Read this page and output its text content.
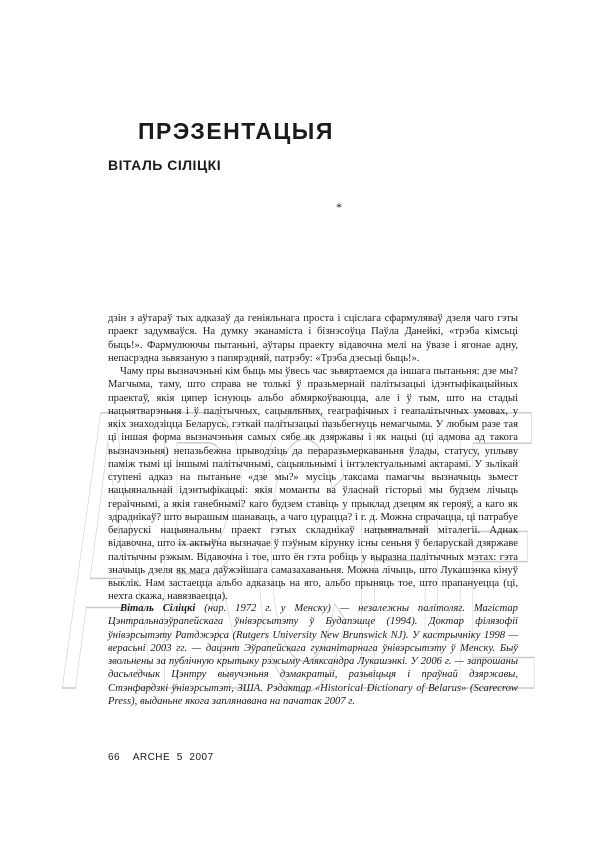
ARCHE
ПРЭЗЕНТАЦЫЯ
ВІТАЛЬ СІЛІЦКІ
*

дзін з аўтараў тых адказаў да геніяльнага проста і сціслага сфармуляваў дзеля чаго гэты праект задумваўся. На думку эканаміста і бізнэсоўца Паўла Данейкі, «трэба кімсьці быць!». Фармулюючы пытаньні, аўтары праекту відавочна мелі на ўвазе і ягонае адну, непасрэдна зьвязаную з папярэдняй, патрэбу: «Трэба дзесьці быць!».

Чаму пры вызначэньні кім быць мы ўвесь час зьвяртаемся да іншага пытаньня: дзе мы? Магчыма, таму, што справа не толькі ў празьмернай палітызацыі ідэнтыфікацыйных праектаў, якія цяпер існуюць альбо абмяркоўваюцца, але і ў тым, што на стадыі нацыятварэньня і ў палітычных, сацыяльных, геаграфічных і геапалітычных умовах, у якіх знаходзіцца Беларусь, гэткай палітызацыі пазьбегнуць немагчыма. У любым разе тая ці іншая форма вызначэньня самых сябе як дзяржавы і як нацыі (ці адмова ад такога вызначэньня) непазьбежна прыводзіць да пераразьмеркаваньня ўлады, статусу, уплыву паміж тымі ці іншымі палітычнымі, сацыяльнымі і інтэлектуальнымі актарамі. У зьлікай ступені адказ на пытаньне «дзе мы?» мусіць таксама памагчы вызначыць зьмест нацыянальнай ідэнтыфікацыі: якія моманты ва ўласнай гісторыі мы будзем лічыць гераічнымі, а якія ганебнымі? каго будзем ставіць у прыклад дзецям як герояў, а каго як здраднікаў? што вырашым шанаваць, а чаго цурацца? і г. д. Можна спрачацца, ці патрабуе беларускі нацыянальны праект гэтых складнікаў нацыянальнай міталегіі. Аднак відавочна, што іх актыўна вызначае ў пэўным кірунку існы сеньня ў беларускай дзяржаве палітычны рэжым. Відавочна і тое, што ён гэта робіць у выразна палітычных мэтах: гэта значыць дзеля як мага даўжэйшага самазахаваньня. Можна лічыць, што Лукашэнка кінуў выклік. Нам застаецца альбо адказаць на яго, альбо прыняць тое, што прапануецца (ці, нехта скажа, навязваецца).

Віталь Сіліцкі (нар. 1972 г. у Менску) — незалежны палітоляг. Магістар Цэнтральнаэўрапейскага ўнівэрсытэту ў Будапэшце (1994). Доктар філязофіі ўнівэрсытэту Ратджэрса (Rutgers University New Brunswick NJ). У кастрычніку 1998 — верасьні 2003 гг. — дацэнт Эўрапейскага гуманітарнага ўнівэрсытэту ў Менску. Быў звольнены за публічную крытыку рэжыму Аляксандра Лукашэнкі. У 2006 г. — запрошаны дасьледчык Цэнтру вывучэньня дэмакратыі, разьвіцьця і праўнай дзяржавы, Стэнфардзкі ўнівэрсытэт, ЗША. Рэдактар «Historical Dictionary of Belarus» (Scarecrow Press), выданьне якога заплянавана на пачатак 2007 г.

66 ARCHE 5 2007
